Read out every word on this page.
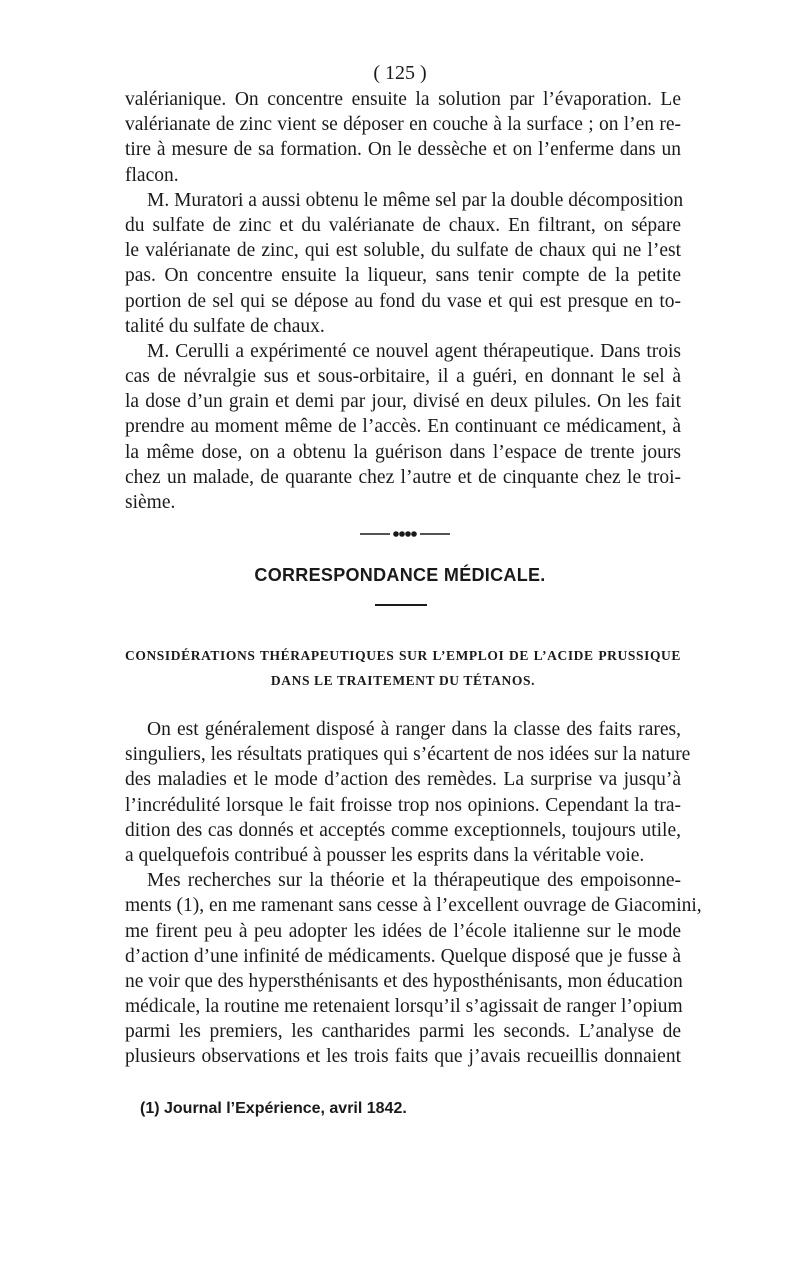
( 125 )
valérianique. On concentre ensuite la solution par l’évaporation. Le
valérianate de zinc vient se déposer en couche à la surface ; on l’en re-
tire à mesure de sa formation. On le dessèche et on l’enferme dans un
flacon.
M. Muratori a aussi obtenu le même sel par la double décomposition
du sulfate de zinc et du valérianate de chaux. En filtrant, on sépare
le valérianate de zinc, qui est soluble, du sulfate de chaux qui ne l’est
pas. On concentre ensuite la liqueur, sans tenir compte de la petite
portion de sel qui se dépose au fond du vase et qui est presque en to-
talité du sulfate de chaux.
M. Cerulli a expérimenté ce nouvel agent thérapeutique. Dans trois
cas de névralgie sus et sous-orbitaire, il a guéri, en donnant le sel à
la dose d’un grain et demi par jour, divisé en deux pilules. On les fait
prendre au moment même de l’accès. En continuant ce médicament, à
la même dose, on a obtenu la guérison dans l’espace de trente jours
chez un malade, de quarante chez l’autre et de cinquante chez le troi-
sième.
CORRESPONDANCE MÉDICALE.
CONSIDÉRATIONS THÉRAPEUTIQUES SUR L’EMPLOI DE L’ACIDE PRUSSIQUE
DANS LE TRAITEMENT DU TÉTANOS.
On est généralement disposé à ranger dans la classe des faits rares,
singuliers, les résultats pratiques qui s’écartent de nos idées sur la nature
des maladies et le mode d’action des remèdes. La surprise va jusqu’à
l’incrédulité lorsque le fait froisse trop nos opinions. Cependant la tra-
dition des cas donnés et acceptés comme exceptionnels, toujours utile,
a quelquefois contribué à pousser les esprits dans la véritable voie.
Mes recherches sur la théorie et la thérapeutique des empoisonne-
ments (1), en me ramenant sans cesse à l’excellent ouvrage de Giacomini,
me firent peu à peu adopter les idées de l’école italienne sur le mode
d’action d’une infinité de médicaments. Quelque disposé que je fusse à
ne voir que des hypersthénisants et des hyposthénisants, mon éducation
médicale, la routine me retenaient lorsqu’il s’agissait de ranger l’opium
parmi les premiers, les cantharides parmi les seconds. L’analyse de
plusieurs observations et les trois faits que j’avais recueillis donnaient
(1) Journal l’Expérience, avril 1842.
